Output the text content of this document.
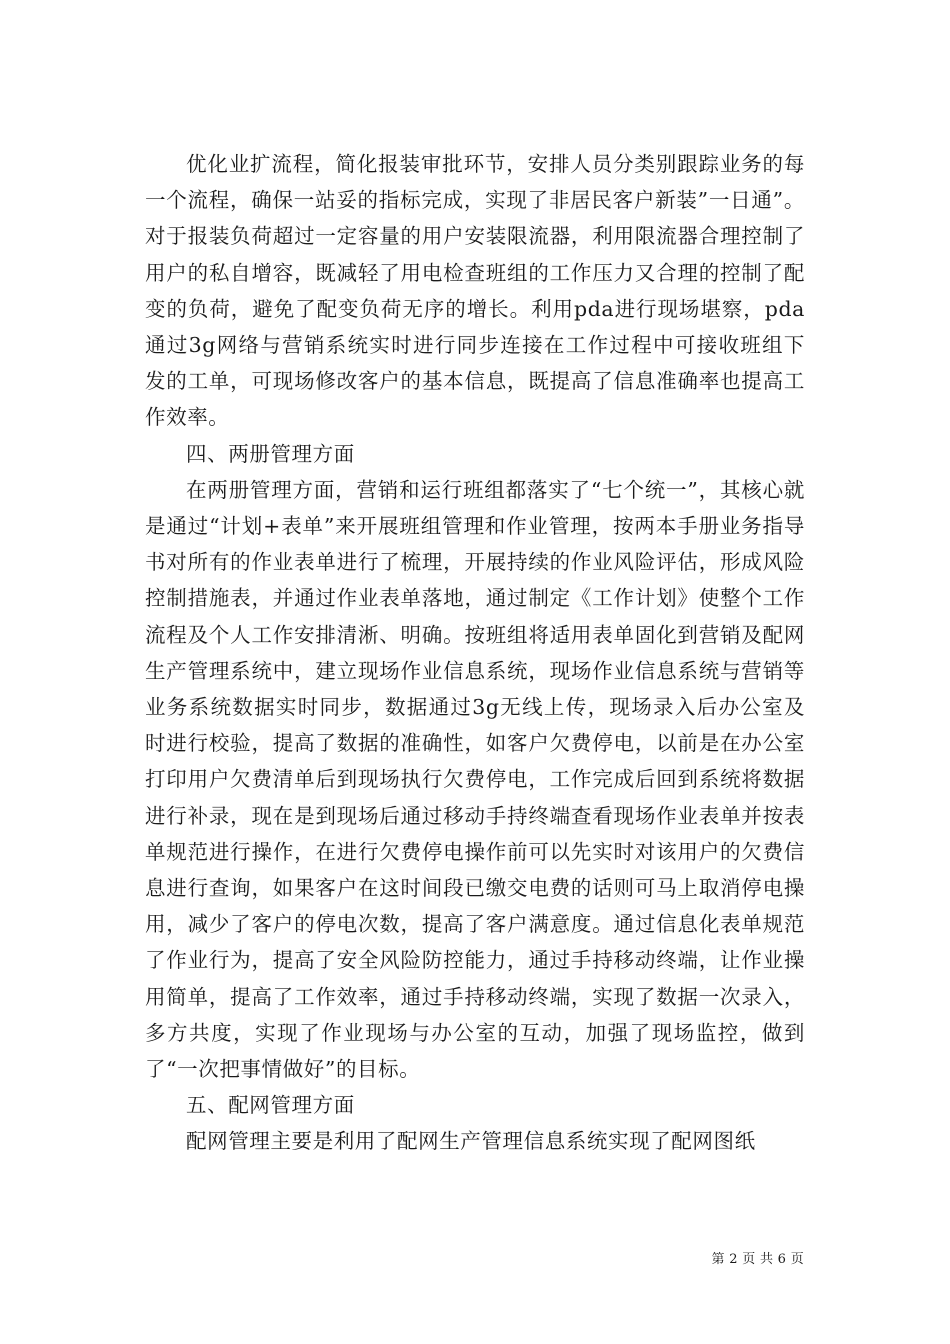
优化业扩流程，简化报装审批环节，安排人员分类别跟踪业务的每一个流程，确保一站妥的指标完成，实现了非居民客户新装”一日通”。对于报装负荷超过一定容量的用户安装限流器，利用限流器合理控制了用户的私自增容，既减轻了用电检查班组的工作压力又合理的控制了配变的负荷，避免了配变负荷无序的增长。利用pda进行现场堪察，pda通过3g网络与营销系统实时进行同步连接在工作过程中可接收班组下发的工单，可现场修改客户的基本信息，既提高了信息准确率也提高工作效率。

四、两册管理方面

在两册管理方面，营销和运行班组都落实了“七个统一”，其核心就是通过“计划+表单”来开展班组管理和作业管理，按两本手册业务指导书对所有的作业表单进行了梳理，开展持续的作业风险评估，形成风险控制措施表，并通过作业表单落地，通过制定《工作计划》使整个工作流程及个人工作安排清淅、明确。按班组将适用表单固化到营销及配网生产管理系统中，建立现场作业信息系统，现场作业信息系统与营销等业务系统数据实时同步，数据通过3g无线上传，现场录入后办公室及时进行校验，提高了数据的准确性，如客户欠费停电，以前是在办公室打印用户欠费清单后到现场执行欠费停电，工作完成后回到系统将数据进行补录，现在是到现场后通过移动手持终端查看现场作业表单并按表单规范进行操作，在进行欠费停电操作前可以先实时对该用户的欠费信息进行查询，如果客户在这时间段已缴交电费的话则可马上取消停电操用，减少了客户的停电次数，提高了客户满意度。通过信息化表单规范了作业行为，提高了安全风险防控能力，通过手持移动终端，让作业操用简单，提高了工作效率，通过手持移动终端，实现了数据一次录入，多方共度，实现了作业现场与办公室的互动，加强了现场监控，做到了“一次把事情做好”的目标。

五、配网管理方面

配网管理主要是利用了配网生产管理信息系统实现了配网图纸

第 2 页 共 6 页
